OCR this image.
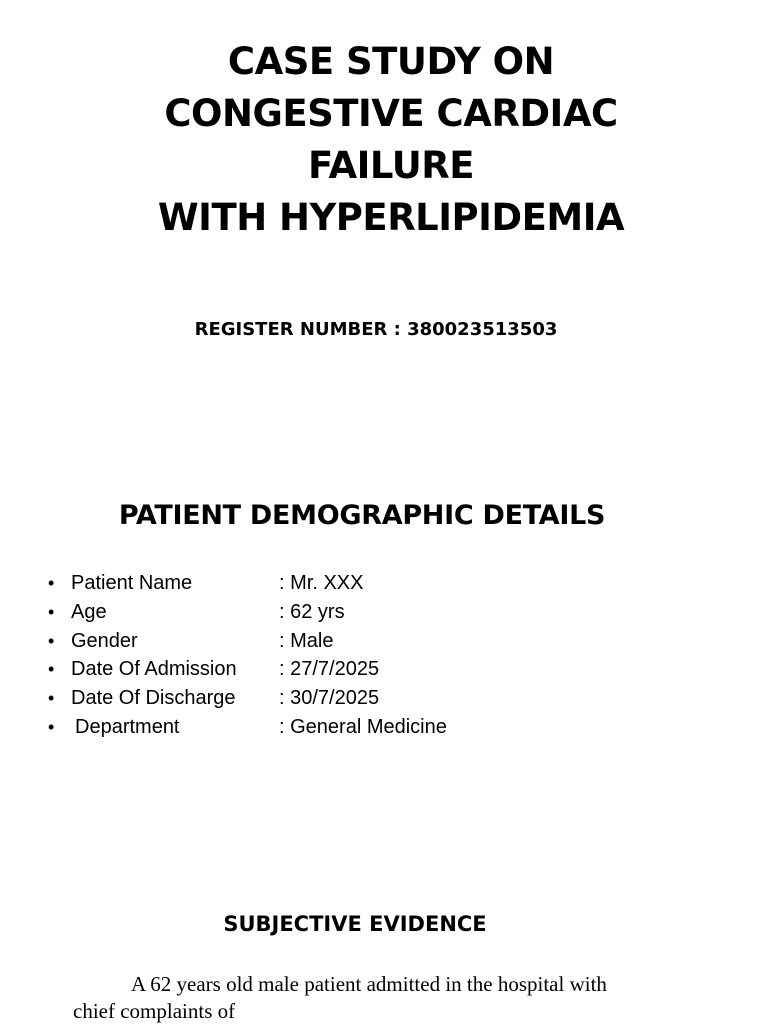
CASE STUDY ON
CONGESTIVE CARDIAC
FAILURE
WITH HYPERLIPIDEMIA
REGISTER NUMBER : 380023513503
PATIENT DEMOGRAPHIC DETAILS
• Patient Name	: Mr. XXX
• Age	: 62 yrs
• Gender	: Male
• Date Of Admission : 27/7/2025
• Date Of Discharge : 30/7/2025
• Department	: General Medicine
SUBJECTIVE EVIDENCE

A 62 years old male patient admitted in the hospital with
chief complaints of
